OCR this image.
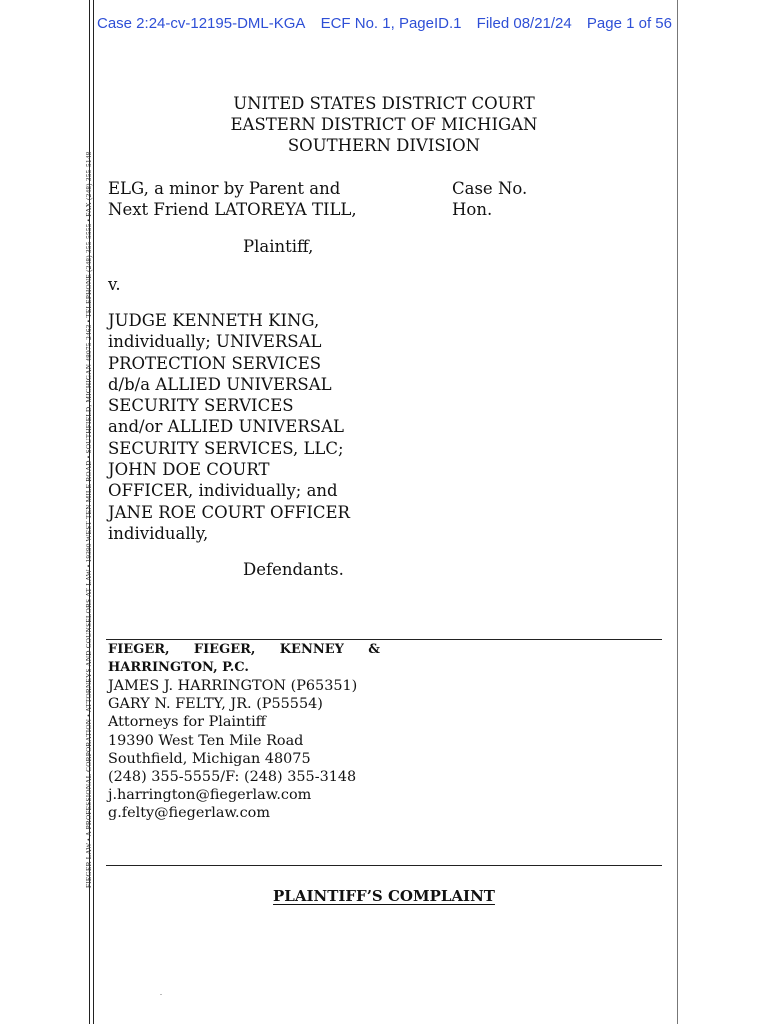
Case 2:24-cv-12195-DML-KGA ECF No. 1, PageID.1 Filed 08/21/24 Page 1 of 56
FIEGER LAW • A PROFESSIONAL CORPORATION • ATTORNEYS AND COUNSELORS AT LAW • 19390 WEST TEN MILE ROAD • SOUTHFIELD, MICHIGAN 48075-2463 • TELEPHONE (248) 355-5555 • FAX (248) 355-5148
UNITED STATES DISTRICT COURT
EASTERN DISTRICT OF MICHIGAN
SOUTHERN DIVISION
ELG, a minor by Parent and
Next Friend LATOREYA TILL,
Case No.
Hon.
Plaintiff,
v.
JUDGE KENNETH KING,
individually; UNIVERSAL
PROTECTION SERVICES
d/b/a ALLIED UNIVERSAL
SECURITY SERVICES
and/or ALLIED UNIVERSAL
SECURITY SERVICES, LLC;
JOHN DOE COURT
OFFICER, individually; and
JANE ROE COURT OFFICER
individually,
Defendants.
FIEGER, FIEGER, KENNEY &
HARRINGTON, P.C.
JAMES J. HARRINGTON (P65351)
GARY N. FELTY, JR. (P55554)
Attorneys for Plaintiff
19390 West Ten Mile Road
Southfield, Michigan 48075
(248) 355-5555/F: (248) 355-3148
j.harrington@fiegerlaw.com
g.felty@fiegerlaw.com
PLAINTIFF’S COMPLAINT
